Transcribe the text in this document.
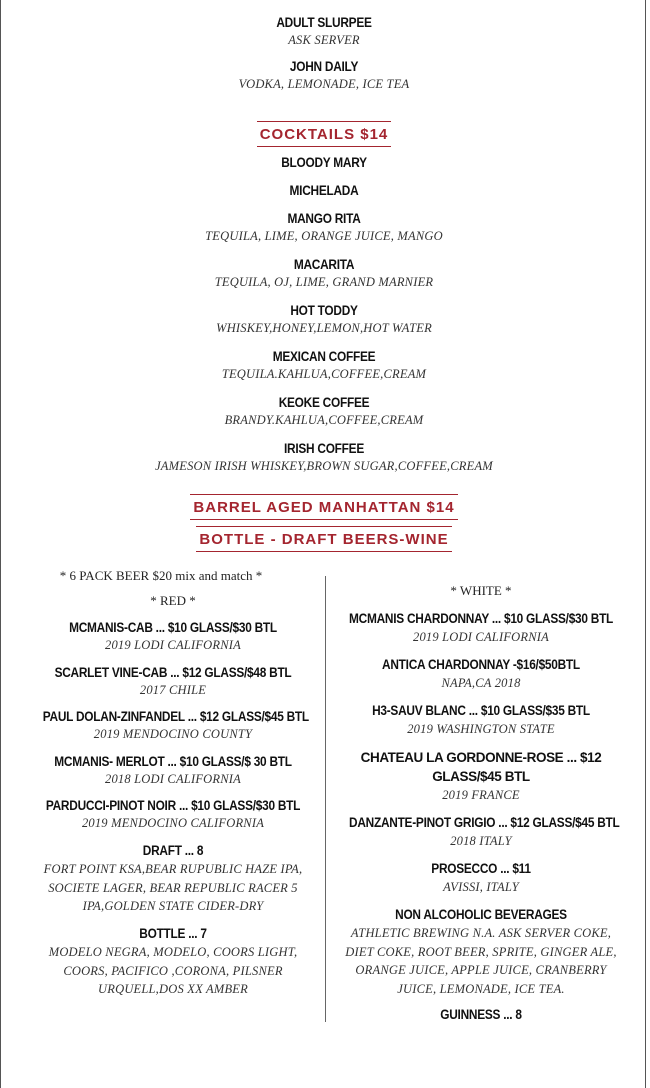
ADULT SLURPEE
ASK SERVER
JOHN DAILY
VODKA, LEMONADE, ICE TEA
COCKTAILS $14
BLOODY MARY
MICHELADA
MANGO RITA
TEQUILA, LIME, ORANGE JUICE, MANGO
MACARITA
TEQUILA, OJ, LIME, GRAND MARNIER
HOT TODDY
WHISKEY,HONEY,LEMON,HOT WATER
MEXICAN COFFEE
TEQUILA.KAHLUA,COFFEE,CREAM
KEOKE COFFEE
BRANDY.KAHLUA,COFFEE,CREAM
IRISH COFFEE
JAMESON IRISH WHISKEY,BROWN SUGAR,COFFEE,CREAM
BARREL AGED MANHATTAN $14
BOTTLE - DRAFT BEERS-WINE
* 6 PACK BEER $20 mix and match *
* RED *
MCMANIS-CAB ... $10 GLASS/$30 BTL
2019 LODI CALIFORNIA
SCARLET VINE-CAB ... $12 GLASS/$48 BTL
2017 CHILE
PAUL DOLAN-ZINFANDEL ... $12 GLASS/$45 BTL
2019 MENDOCINO COUNTY
MCMANIS- MERLOT ... $10 GLASS/$ 30 BTL
2018 LODI CALIFORNIA
PARDUCCI-PINOT NOIR ... $10 GLASS/$30 BTL
2019 MENDOCINO CALIFORNIA
DRAFT ... 8
FORT POINT KSA,BEAR RUPUBLIC HAZE IPA, SOCIETE LAGER, BEAR REPUBLIC RACER 5 IPA,GOLDEN STATE CIDER-DRY
BOTTLE ... 7
MODELO NEGRA, MODELO, COORS LIGHT, COORS, PACIFICO ,CORONA, PILSNER URQUELL,DOS XX AMBER
* WHITE *
MCMANIS CHARDONNAY ... $10 GLASS/$30 BTL
2019 LODI CALIFORNIA
ANTICA CHARDONNAY -$16/$50BTL
NAPA,CA 2018
H3-SAUV BLANC ... $10 GLASS/$35 BTL
2019 WASHINGTON STATE
CHATEAU LA GORDONNE-ROSE ... $12 GLASS/$45 BTL
2019 FRANCE
DANZANTE-PINOT GRIGIO ... $12 GLASS/$45 BTL
2018 ITALY
PROSECCO ... $11
AVISSI, ITALY
NON ALCOHOLIC BEVERAGES
ATHLETIC BREWING N.A. ASK SERVER COKE, DIET COKE, ROOT BEER, SPRITE, GINGER ALE, ORANGE JUICE, APPLE JUICE, CRANBERRY JUICE, LEMONADE, ICE TEA.
GUINNESS ... 8
